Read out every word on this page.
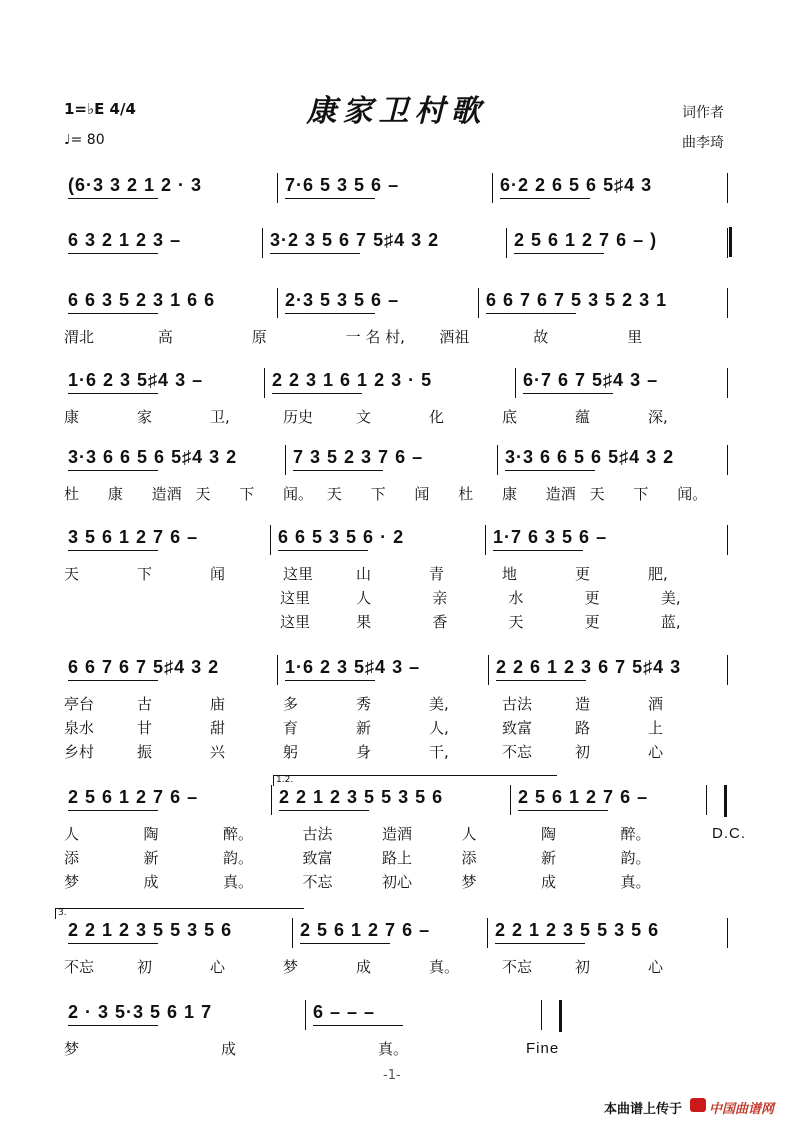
康家卫村歌
1=♭E 4/4
♩= 80
词作者
曲李琦
(6·3 3 2 1 2 · 3	7·6 5 3 5 6 –	6·2 2 6 5 6 5♯4 3
6 3 2 1 2 3 –	3·2 3 5 6 7 5♯4 3 2	2 5 6 1 2 7 6 – )
6 6 3 5 2 3 1 6 6	2·3 5 3 5 6 –	6 6 7 6 7 5 3 5 2 3 1
渭北	高	原	一 名 村, 酒祖	故	里
1·6 2 3 5♯4 3 –	2 2 3 1 6 1 2 3 · 5	6·7 6 7 5♯4 3 –
康	家	卫,	历史	文	化	底	蕴	深,
3·3 6 6 5 6 5♯4 3 2	7 3 5 2 3 7 6 –	3·3 6 6 5 6 5♯4 3 2
杜 康 造酒 天 下 闻。 天 下 闻 杜 康 造酒 天 下 闻。
3 5 6 1 2 7 6 –	6 6 5 3 5 6 · 2	1·7 6 3 5 6 –
天	下	闻	这里	山	青	地	更	肥,
这里	人	亲	水	更	美,
这里	果	香	天	更	蓝,
6 6 7 6 7 5♯4 3 2	1·6 2 3 5♯4 3 –	2 2 6 1 2 3 6 7 5♯4 3
亭台	古	庙	多	秀	美,	古法	造	酒
泉水	甘	甜	育	新	人,	致富	路	上
乡村	振	兴	躬	身	干,	不忘	初	心
2 5 6 1 2 7 6 –	2 2 1 2 3 5 5 3 5 6	2 5 6 1 2 7 6 –
人	陶	醉。	古法	造酒	人	陶	醉。
添	新	韵。	致富	路上	添	新	韵。
梦	成	真。	不忘	初心	梦	成	真。
1.2.
D.C.
2 2 1 2 3 5 5 3 5 6	2 5 6 1 2 7 6 –	2 2 1 2 3 5 5 3 5 6
不忘	初	心	梦	成	真。	不忘	初	心
3.
2 · 3 5·3 5 6 1 7	6 – – –
梦	成	真。	Fine
-1-
本曲谱上传于 中国曲谱网
